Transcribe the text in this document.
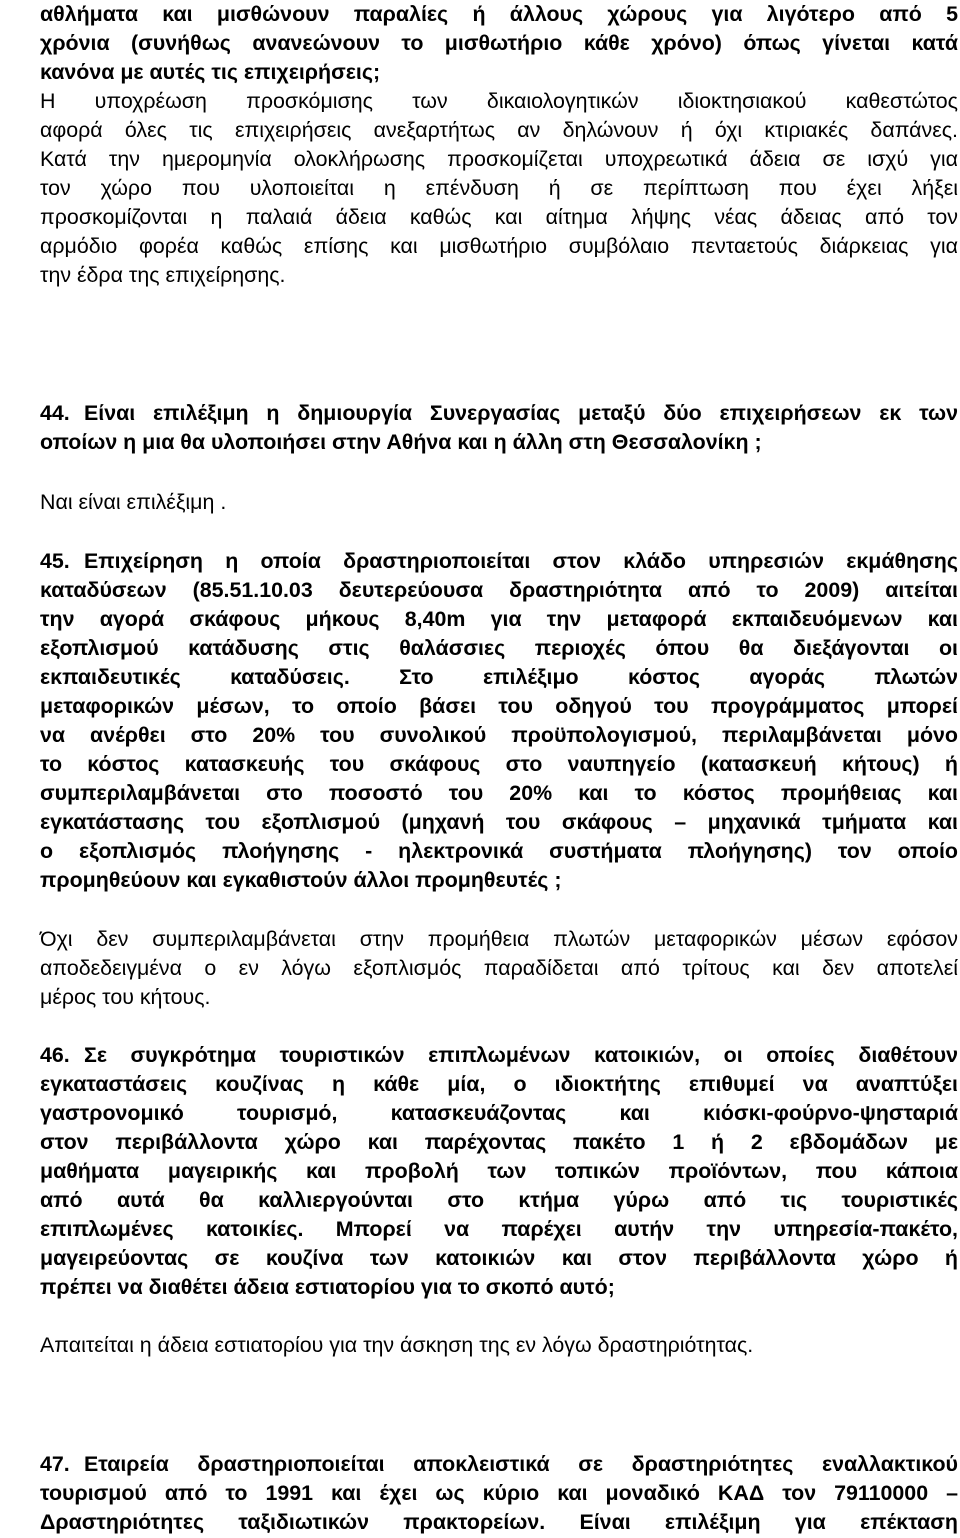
αθλήματα και μισθώνουν παραλίες ή άλλους χώρους για λιγότερο από 5
χρόνια (συνήθως ανανεώνουν το μισθωτήριο κάθε χρόνο) όπως γίνεται κατά
κανόνα με αυτές τις επιχειρήσεις;
Η υποχρέωση προσκόμισης των δικαιολογητικών ιδιοκτησιακού καθεστώτος
αφορά όλες τις επιχειρήσεις ανεξαρτήτως αν δηλώνουν ή όχι κτιριακές δαπάνες.
Κατά την ημερομηνία ολοκλήρωσης προσκομίζεται υποχρεωτικά άδεια σε ισχύ για
τον χώρο που υλοποιείται η επένδυση ή σε περίπτωση που έχει λήξει
προσκομίζονται η παλαιά άδεια καθώς και αίτημα λήψης νέας άδειας από τον
αρμόδιο φορέα καθώς επίσης και μισθωτήριο συμβόλαιο πενταετούς διάρκειας για
την έδρα της επιχείρησης.
44. Είναι επιλέξιμη η δημιουργία Συνεργασίας μεταξύ δύο επιχειρήσεων εκ των
οποίων η μια θα υλοποιήσει στην Αθήνα και η άλλη στη Θεσσαλονίκη ;
Ναι είναι επιλέξιμη .
45. Επιχείρηση η οποία δραστηριοποιείται στον κλάδο υπηρεσιών εκμάθησης
καταδύσεων (85.51.10.03 δευτερεύουσα δραστηριότητα από το 2009) αιτείται
την αγορά σκάφους μήκους 8,40m για την μεταφορά εκπαιδευόμενων και
εξοπλισμού κατάδυσης στις θαλάσσιες περιοχές όπου θα διεξάγονται οι
εκπαιδευτικές καταδύσεις. Στο επιλέξιμο κόστος αγοράς πλωτών
μεταφορικών μέσων, το οποίο βάσει του οδηγού του προγράμματος μπορεί
να ανέρθει στο 20% του συνολικού προϋπολογισμού, περιλαμβάνεται μόνο
το κόστος κατασκευής του σκάφους στο ναυπηγείο (κατασκευή κήτους) ή
συμπεριλαμβάνεται στο ποσοστό του 20% και το κόστος προμήθειας και
εγκατάστασης του εξοπλισμού (μηχανή του σκάφους – μηχανικά τμήματα και
ο εξοπλισμός πλοήγησης - ηλεκτρονικά συστήματα πλοήγησης) τον οποίο
προμηθεύουν και εγκαθιστούν άλλοι προμηθευτές ;
Όχι δεν συμπεριλαμβάνεται στην προμήθεια πλωτών μεταφορικών μέσων εφόσον
αποδεδειγμένα ο εν λόγω εξοπλισμός παραδίδεται από τρίτους και δεν αποτελεί
μέρος του κήτους.
46. Σε συγκρότημα τουριστικών επιπλωμένων κατοικιών, οι οποίες διαθέτουν
εγκαταστάσεις κουζίνας η κάθε μία, ο ιδιοκτήτης επιθυμεί να αναπτύξει
γαστρονομικό τουρισμό, κατασκευάζοντας και κιόσκι-φούρνο-ψησταριά
στον περιβάλλοντα χώρο και παρέχοντας πακέτο 1 ή 2 εβδομάδων με
μαθήματα μαγειρικής και προβολή των τοπικών προϊόντων, που κάποια
από αυτά θα καλλιεργούνται στο κτήμα γύρω από τις τουριστικές
επιπλωμένες κατοικίες. Μπορεί να παρέχει αυτήν την υπηρεσία-πακέτο,
μαγειρεύοντας σε κουζίνα των κατοικιών και στον περιβάλλοντα χώρο ή
πρέπει να διαθέτει άδεια εστιατορίου για το σκοπό αυτό;
Απαιτείται η άδεια εστιατορίου για την άσκηση της εν λόγω δραστηριότητας.
47. Εταιρεία δραστηριοποιείται αποκλειστικά σε δραστηριότητες εναλλακτικού
τουρισμού από το 1991 και έχει ως κύριο και μοναδικό ΚΑΔ τον 79110000 –
Δραστηριότητες ταξιδιωτικών πρακτορείων. Είναι επιλέξιμη για επέκταση
